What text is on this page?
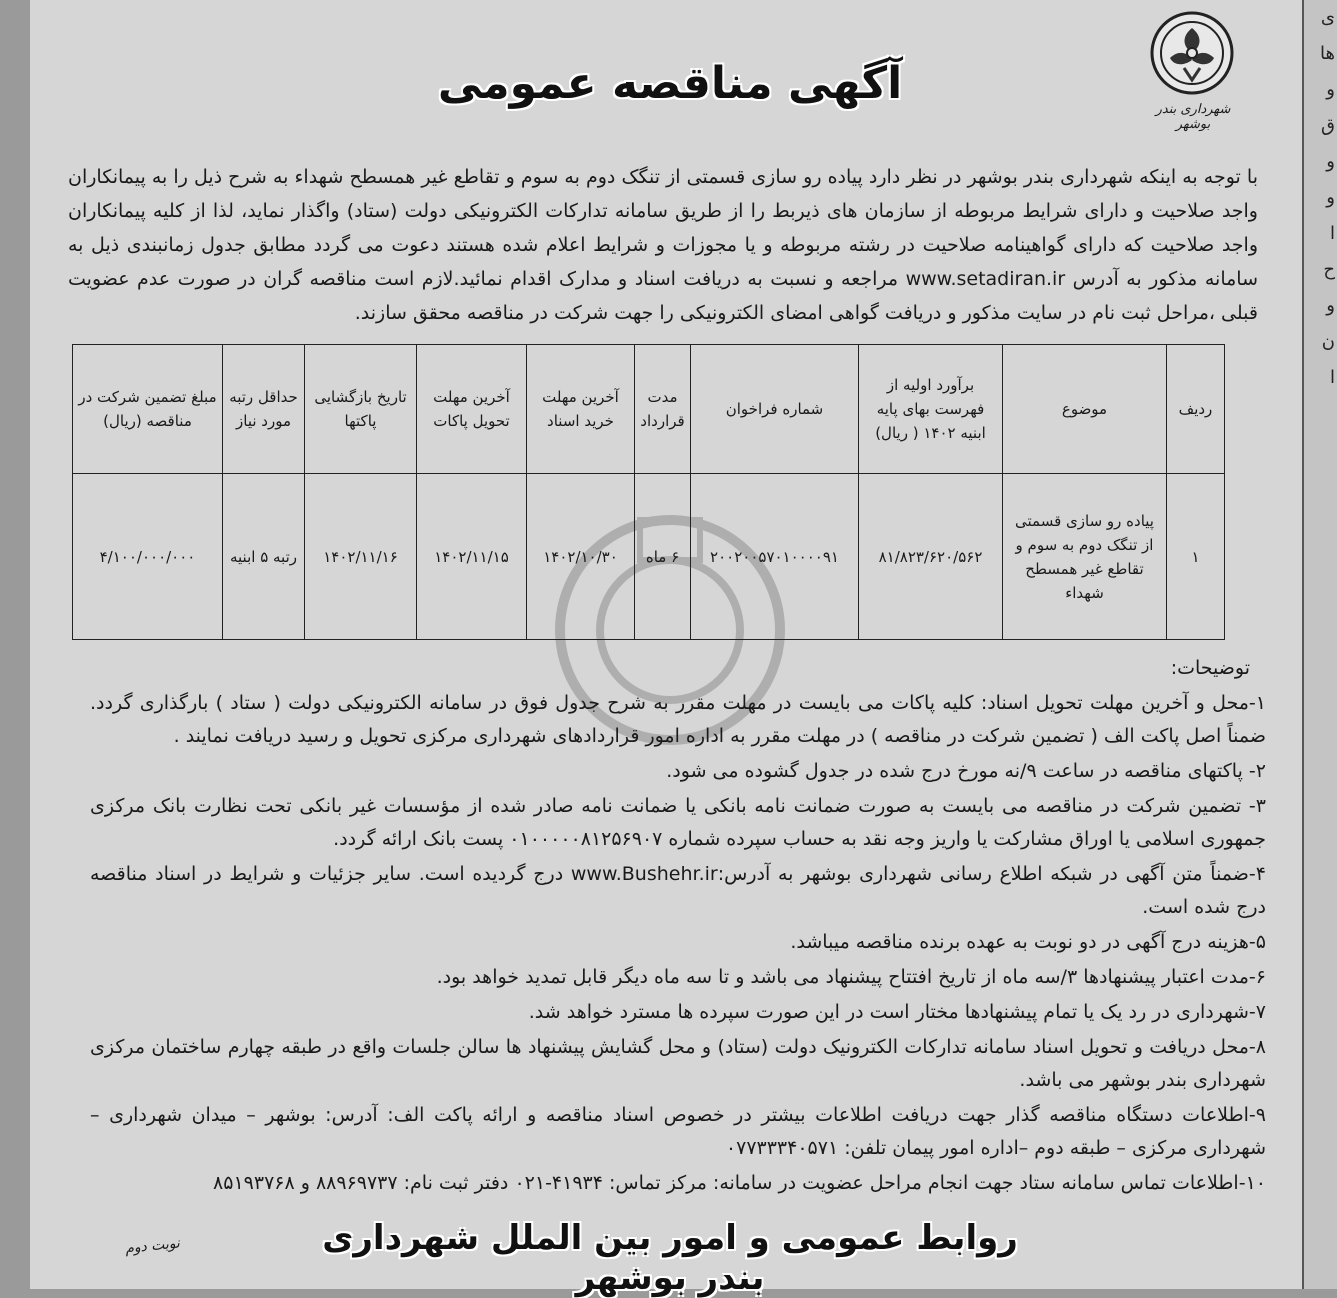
ی
ها
و
ق
و
و
ا
ح
و
ن
ا
شهرداری بندر بوشهر
آگهی مناقصه عمومی

با توجه به اینکه شهرداری بندر بوشهر در نظر دارد پیاده رو سازی قسمتی از تنگک دوم به سوم و تقاطع غیر همسطح شهداء به شرح ذیل را به پیمانکاران واجد صلاحیت و دارای شرایط مربوطه از سازمان های ذیربط را از طریق سامانه تدارکات الکترونیکی دولت (ستاد) واگذار نماید، لذا از کلیه پیمانکاران واجد صلاحیت که دارای گواهینامه صلاحیت در رشته مربوطه و یا مجوزات و شرایط اعلام شده هستند دعوت می گردد مطابق جدول زمانبندی ذیل به سامانه مذکور به آدرس www.setadiran.ir مراجعه و نسبت به دریافت اسناد و مدارک اقدام نمائید.لازم است مناقصه گران در صورت عدم عضویت قبلی ،مراحل ثبت نام در سایت مذکور و دریافت گواهی امضای الکترونیکی را جهت شرکت در مناقصه محقق سازند.

ردیف	موضوع	برآورد اولیه از فهرست بهای پایه ابنیه ۱۴۰۲ ( ریال)	شماره فراخوان	مدت قرارداد	آخرین مهلت خرید اسناد	آخرین مهلت تحویل پاکات	تاریخ بازگشایی پاکتها	حداقل رتبه مورد نیاز	مبلغ تضمین شرکت در مناقصه (ریال)
۱	پیاده رو سازی قسمتی از تنگک دوم به سوم و تقاطع غیر همسطح شهداء	۸۱/۸۲۳/۶۲۰/۵۶۲	۲۰۰۲۰۰۵۷۰۱۰۰۰۰۹۱	۶ ماه	۱۴۰۲/۱۰/۳۰	۱۴۰۲/۱۱/۱۵	۱۴۰۲/۱۱/۱۶	رتبه ۵ ابنیه	۴/۱۰۰/۰۰۰/۰۰۰

توضیحات:

۱-محل و آخرین مهلت تحویل اسناد: کلیه پاکات می بایست در مهلت مقرر به شرح جدول فوق در سامانه الکترونیکی دولت ( ستاد ) بارگذاری گردد. ضمناً اصل پاکت الف ( تضمین شرکت در مناقصه ) در مهلت مقرر به اداره امور قراردادهای شهرداری مرکزی تحویل و رسید دریافت نمایند .

۲- پاکتهای مناقصه در ساعت ۹/نه مورخ درج شده در جدول گشوده می شود.

۳- تضمین شرکت در مناقصه می بایست به صورت ضمانت نامه بانکی یا ضمانت نامه صادر شده از مؤسسات غیر بانکی تحت نظارت بانک مرکزی جمهوری اسلامی یا اوراق مشارکت یا واریز وجه نقد به حساب سپرده شماره ۰۱۰۰۰۰۰۸۱۲۵۶۹۰۷ پست بانک ارائه گردد.

۴-ضمناً متن آگهی در شبکه اطلاع رسانی شهرداری بوشهر به آدرس:www.Bushehr.ir درج گردیده است. سایر جزئیات و شرایط در اسناد مناقصه درج شده است.

۵-هزینه درج آگهی در دو نوبت به عهده برنده مناقصه میباشد.

۶-مدت اعتبار پیشنهادها ۳/سه ماه از تاریخ افتتاح پیشنهاد می باشد و تا سه ماه دیگر قابل تمدید خواهد بود.

۷-شهرداری در رد یک یا تمام پیشنهادها مختار است در این صورت سپرده ها مسترد خواهد شد.

۸-محل دریافت و تحویل اسناد سامانه تدارکات الکترونیک دولت (ستاد) و محل گشایش پیشنهاد ها سالن جلسات واقع در طبقه چهارم ساختمان مرکزی شهرداری بندر بوشهر می باشد.

۹-اطلاعات دستگاه مناقصه گذار جهت دریافت اطلاعات بیشتر در خصوص اسناد مناقصه و ارائه پاکت الف: آدرس: بوشهر – میدان شهرداری – شهرداری مرکزی – طبقه دوم –اداره امور پیمان تلفن: ۰۷۷۳۳۳۴۰۵۷۱

۱۰-اطلاعات تماس سامانه ستاد جهت انجام مراحل عضویت در سامانه: مرکز تماس: ۴۱۹۳۴-۰۲۱ دفتر ثبت نام: ۸۸۹۶۹۷۳۷ و ۸۵۱۹۳۷۶۸

روابط عمومی و امور بین الملل شهرداری بندر بوشهر
نوبت دوم
